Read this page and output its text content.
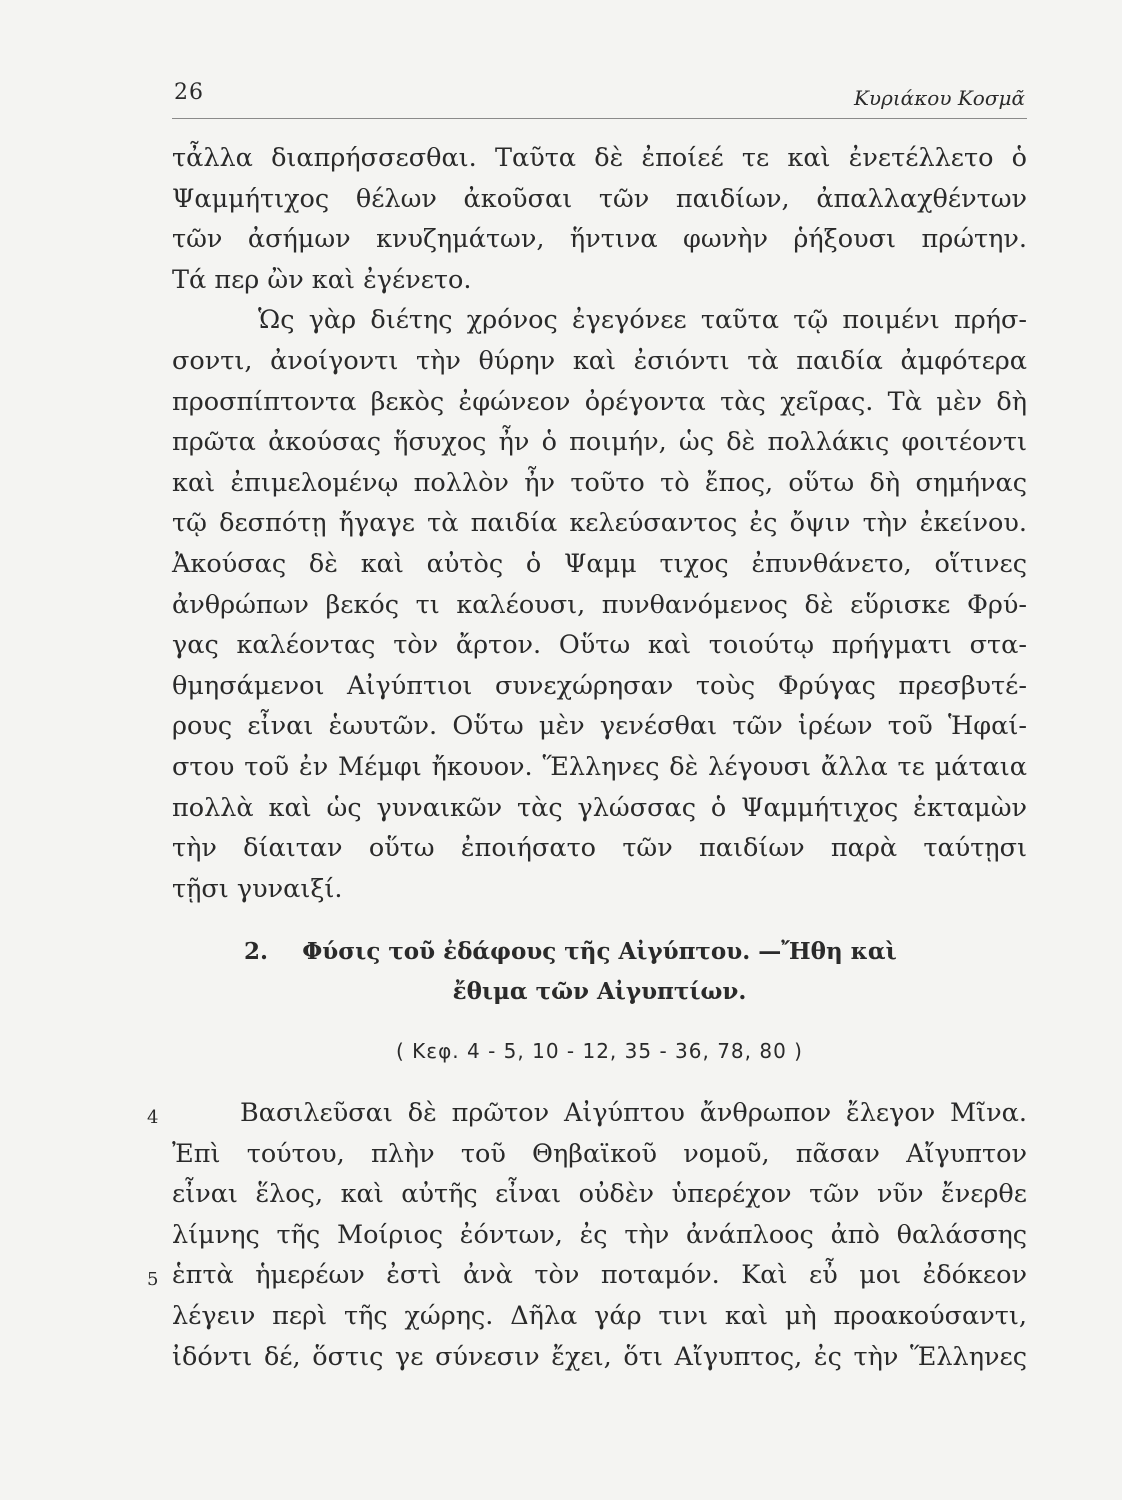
26	Κυριάκου Κοσμᾶ
τἆλλα διαπρήσσεσθαι. Ταῦτα δὲ ἐποίεέ τε καὶ ἐνετέλλετο ὁ
Ψαμμήτιχος θέλων ἀκοῦσαι τῶν παιδίων, ἀπαλλαχθέντων
τῶν ἀσήμων κνυζημάτων, ἥντινα φωνὴν ῥήξουσι πρώτην.
Τά περ ὢν καὶ ἐγένετο.
Ὡς γὰρ διέτης χρόνος ἐγεγόνεε ταῦτα τῷ ποιμένι πρήσ-
σοντι, ἀνοίγοντι τὴν θύρην καὶ ἐσιόντι τὰ παιδία ἀμφότερα
προσπίπτοντα βεκὸς ἐφώνεον ὀρέγοντα τὰς χεῖρας. Τὰ μὲν δὴ
πρῶτα ἀκούσας ἥσυχος ἦν ὁ ποιμήν, ὡς δὲ πολλάκις φοιτέοντι
καὶ ἐπιμελομένῳ πολλὸν ἦν τοῦτο τὸ ἔπος, οὕτω δὴ σημήνας
τῷ δεσπότῃ ἤγαγε τὰ παιδία κελεύσαντος ἐς ὄψιν τὴν ἐκείνου.
Ἀκούσας δὲ καὶ αὐτὸς ὁ Ψαμμ τιχος ἐπυνθάνετο, οἵτινες
ἀνθρώπων βεκός τι καλέουσι, πυνθανόμενος δὲ εὕρισκε Φρύ-
γας καλέοντας τὸν ἄρτον. Οὕτω καὶ τοιούτῳ πρήγματι στα-
θμησάμενοι Αἰγύπτιοι συνεχώρησαν τοὺς Φρύγας πρεσβυτέ-
ρους εἶναι ἑωυτῶν. Οὕτω μὲν γενέσθαι τῶν ἱρέων τοῦ Ἡφαί-
στου τοῦ ἐν Μέμφι ἤκουον. Ἕλληνες δὲ λέγουσι ἄλλα τε μάταια
πολλὰ καὶ ὡς γυναικῶν τὰς γλώσσας ὁ Ψαμμήτιχος ἐκταμὼν
τὴν δίαιταν οὕτω ἐποιήσατο τῶν παιδίων παρὰ ταύτῃσι
τῇσι γυναιξί.
2. Φύσις τοῦ ἐδάφους τῆς Αἰγύπτου. —Ἤθη καὶ
ἔθιμα τῶν Αἰγυπτίων.
( Κεφ. 4 - 5, 10 - 12, 35 - 36, 78, 80 )
4
5
Βασιλεῦσαι δὲ πρῶτον Αἰγύπτου ἄνθρωπον ἔλεγον Μῖνα.
Ἐπὶ τούτου, πλὴν τοῦ Θηβαϊκοῦ νομοῦ, πᾶσαν Αἴγυπτον
εἶναι ἕλος, καὶ αὐτῆς εἶναι οὐδὲν ὑπερέχον τῶν νῦν ἔνερθε
λίμνης τῆς Μοίριος ἐόντων, ἐς τὴν ἀνάπλοος ἀπὸ θαλάσσης
ἑπτὰ ἡμερέων ἐστὶ ἀνὰ τὸν ποταμόν. Καὶ εὖ μοι ἐδόκεον
λέγειν περὶ τῆς χώρης. Δῆλα γάρ τινι καὶ μὴ προακούσαντι,
ἰδόντι δέ, ὅστις γε σύνεσιν ἔχει, ὅτι Αἴγυπτος, ἐς τὴν Ἕλληνες
